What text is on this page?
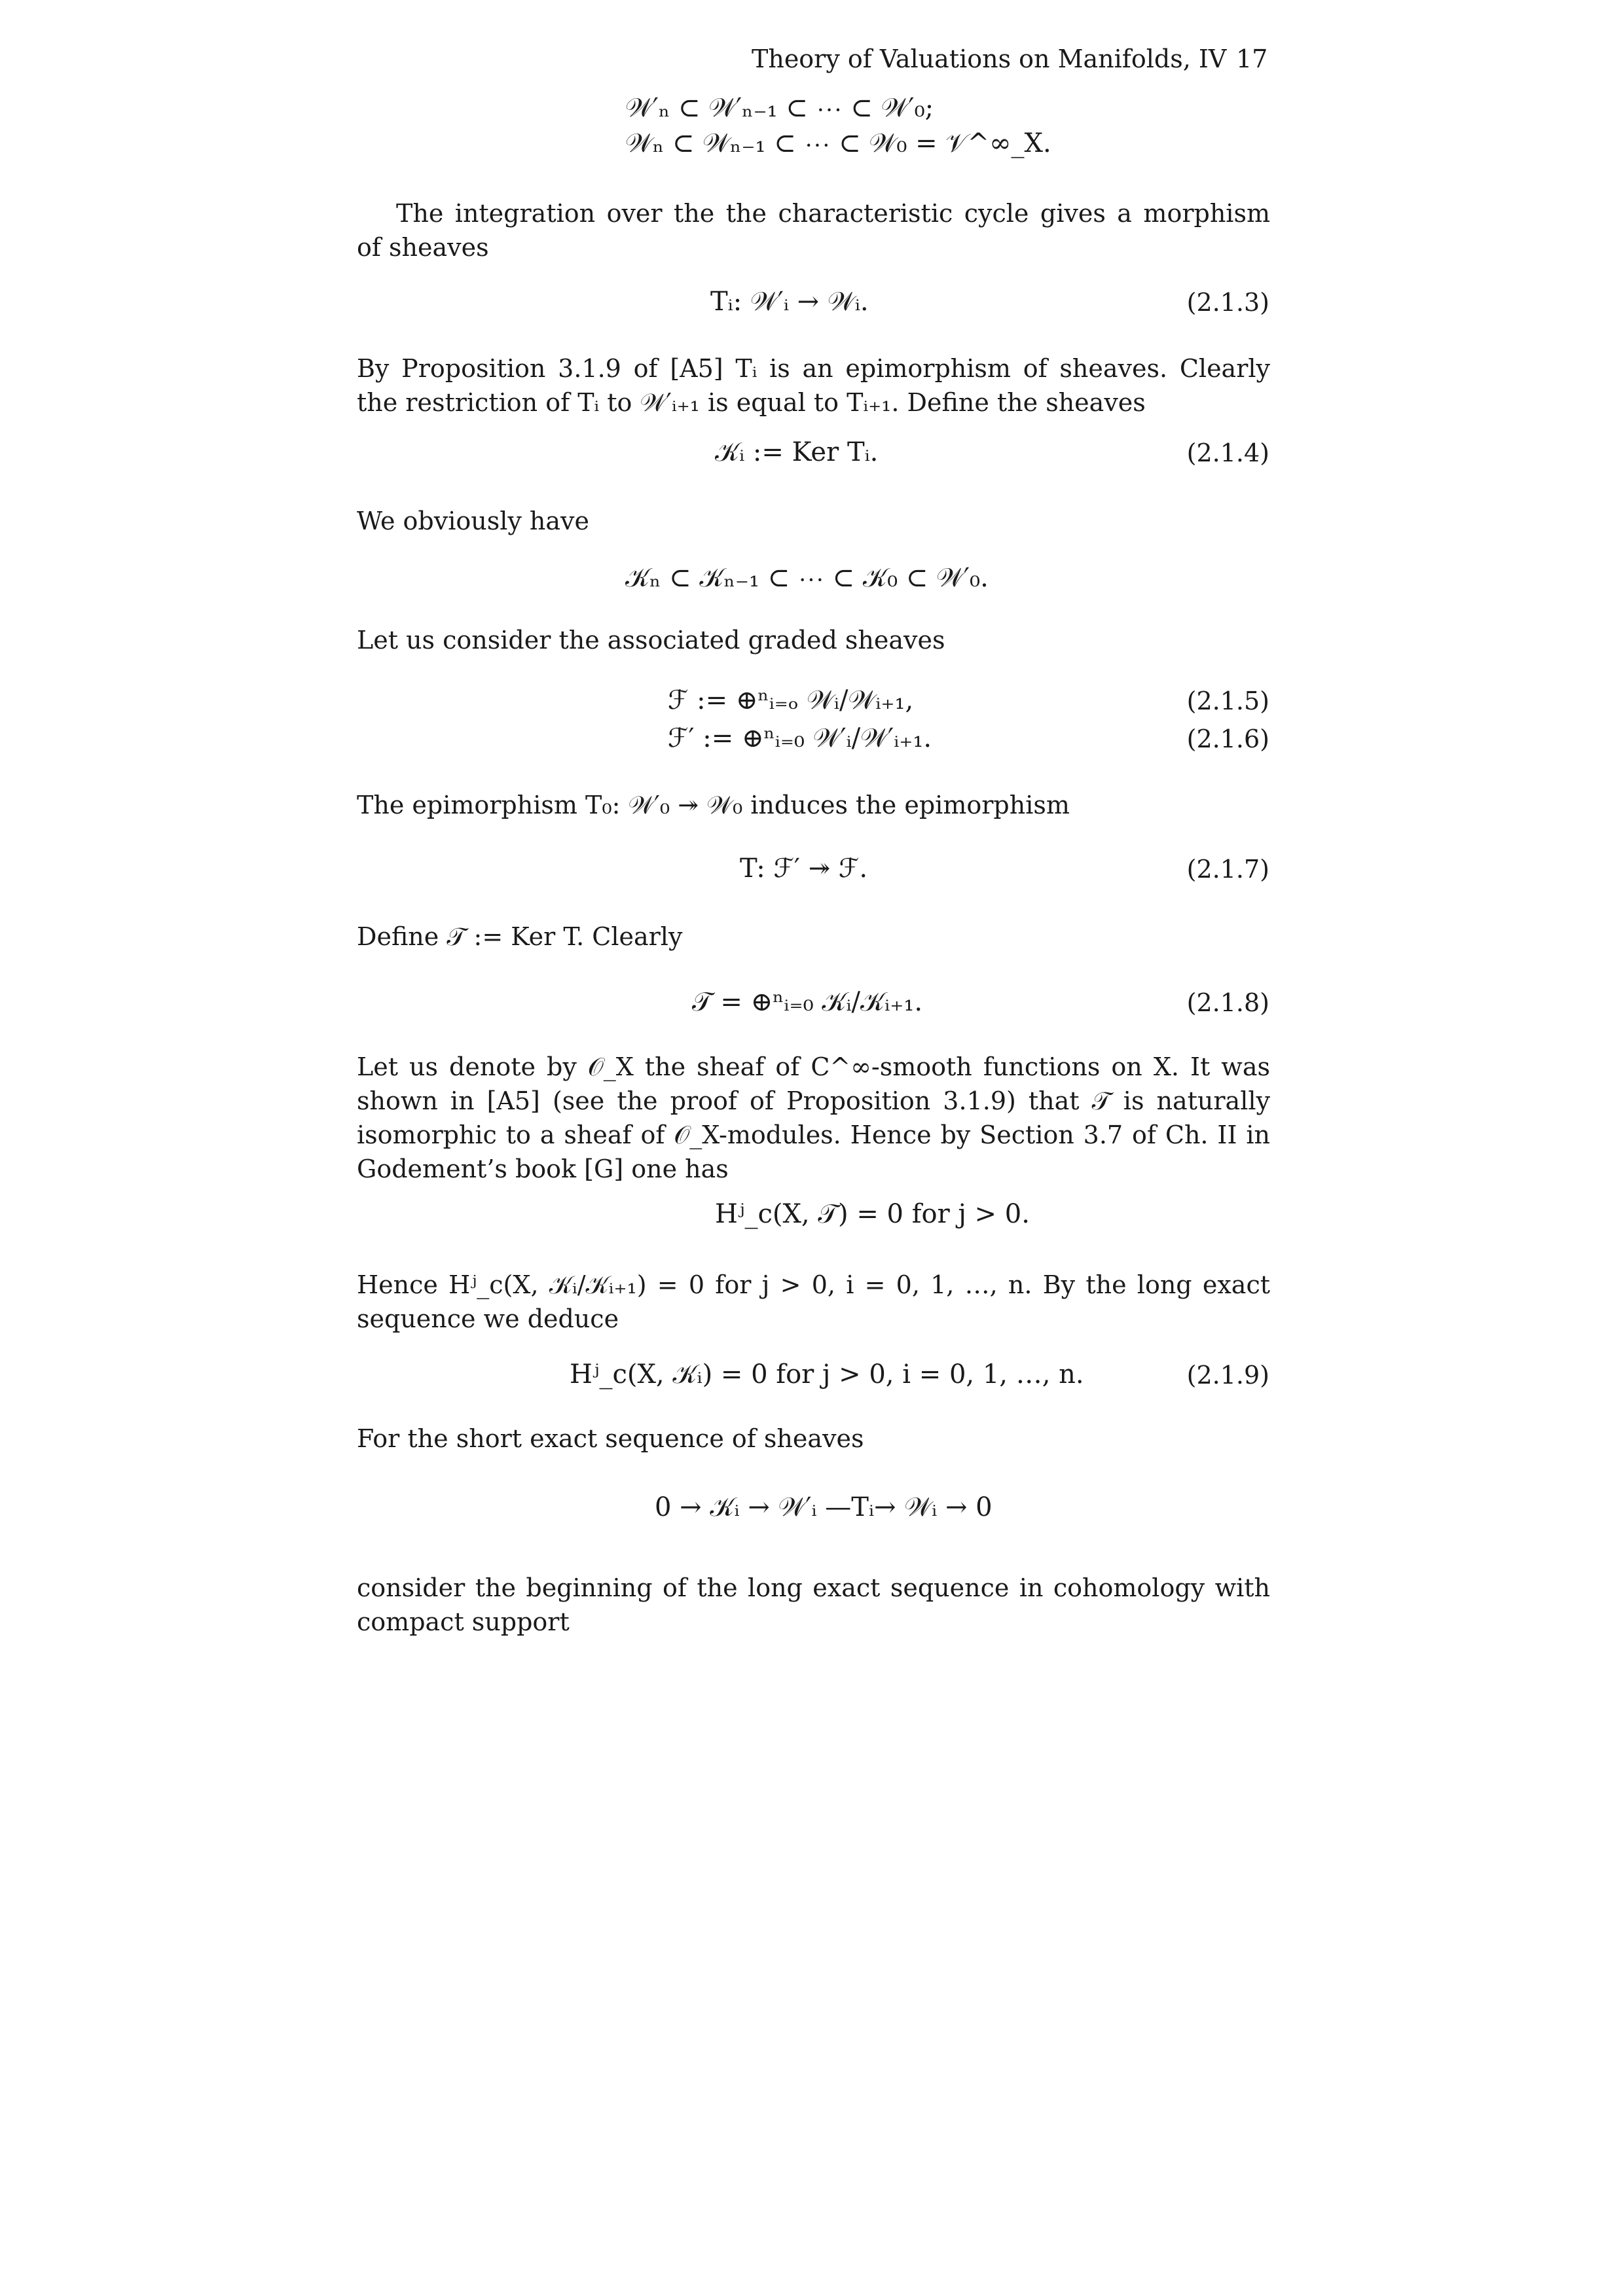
Theory of Valuations on Manifolds, IV 17
𝒲′ₙ ⊂ 𝒲′ₙ₋₁ ⊂ ⋯ ⊂ 𝒲′₀;
𝒲ₙ ⊂ 𝒲ₙ₋₁ ⊂ ⋯ ⊂ 𝒲₀ = 𝒱^∞_X.
The integration over the the characteristic cycle gives a morphism of sheaves
Tᵢ: 𝒲′ᵢ → 𝒲ᵢ.	(2.1.3)
By Proposition 3.1.9 of [A5] Tᵢ is an epimorphism of sheaves. Clearly the restriction of Tᵢ to 𝒲′ᵢ₊₁ is equal to Tᵢ₊₁. Define the sheaves
𝒦ᵢ := Ker Tᵢ.	(2.1.4)
We obviously have
𝒦ₙ ⊂ 𝒦ₙ₋₁ ⊂ ⋯ ⊂ 𝒦₀ ⊂ 𝒲′₀.
Let us consider the associated graded sheaves
ℱ := ⊕ⁿᵢ₌ₒ 𝒲ᵢ/𝒲ᵢ₊₁,	(2.1.5)
ℱ′ := ⊕ⁿᵢ₌₀ 𝒲′ᵢ/𝒲′ᵢ₊₁.	(2.1.6)
The epimorphism T₀: 𝒲′₀ ↠ 𝒲₀ induces the epimorphism
T: ℱ′ ↠ ℱ.	(2.1.7)
Define 𝒯 := Ker T. Clearly
𝒯 = ⊕ⁿᵢ₌₀ 𝒦ᵢ/𝒦ᵢ₊₁.	(2.1.8)
Let us denote by 𝒪_X the sheaf of C^∞-smooth functions on X. It was shown in [A5] (see the proof of Proposition 3.1.9) that 𝒯 is naturally isomorphic to a sheaf of 𝒪_X-modules. Hence by Section 3.7 of Ch. II in Godement’s book [G] one has
Hʲ_c(X, 𝒯) = 0 for j > 0.
Hence Hʲ_c(X, 𝒦ᵢ/𝒦ᵢ₊₁) = 0 for j > 0, i = 0, 1, …, n. By the long exact sequence we deduce
Hʲ_c(X, 𝒦ᵢ) = 0 for j > 0, i = 0, 1, …, n.	(2.1.9)
For the short exact sequence of sheaves
0 → 𝒦ᵢ → 𝒲′ᵢ —Tᵢ→ 𝒲ᵢ → 0
consider the beginning of the long exact sequence in cohomology with compact support
